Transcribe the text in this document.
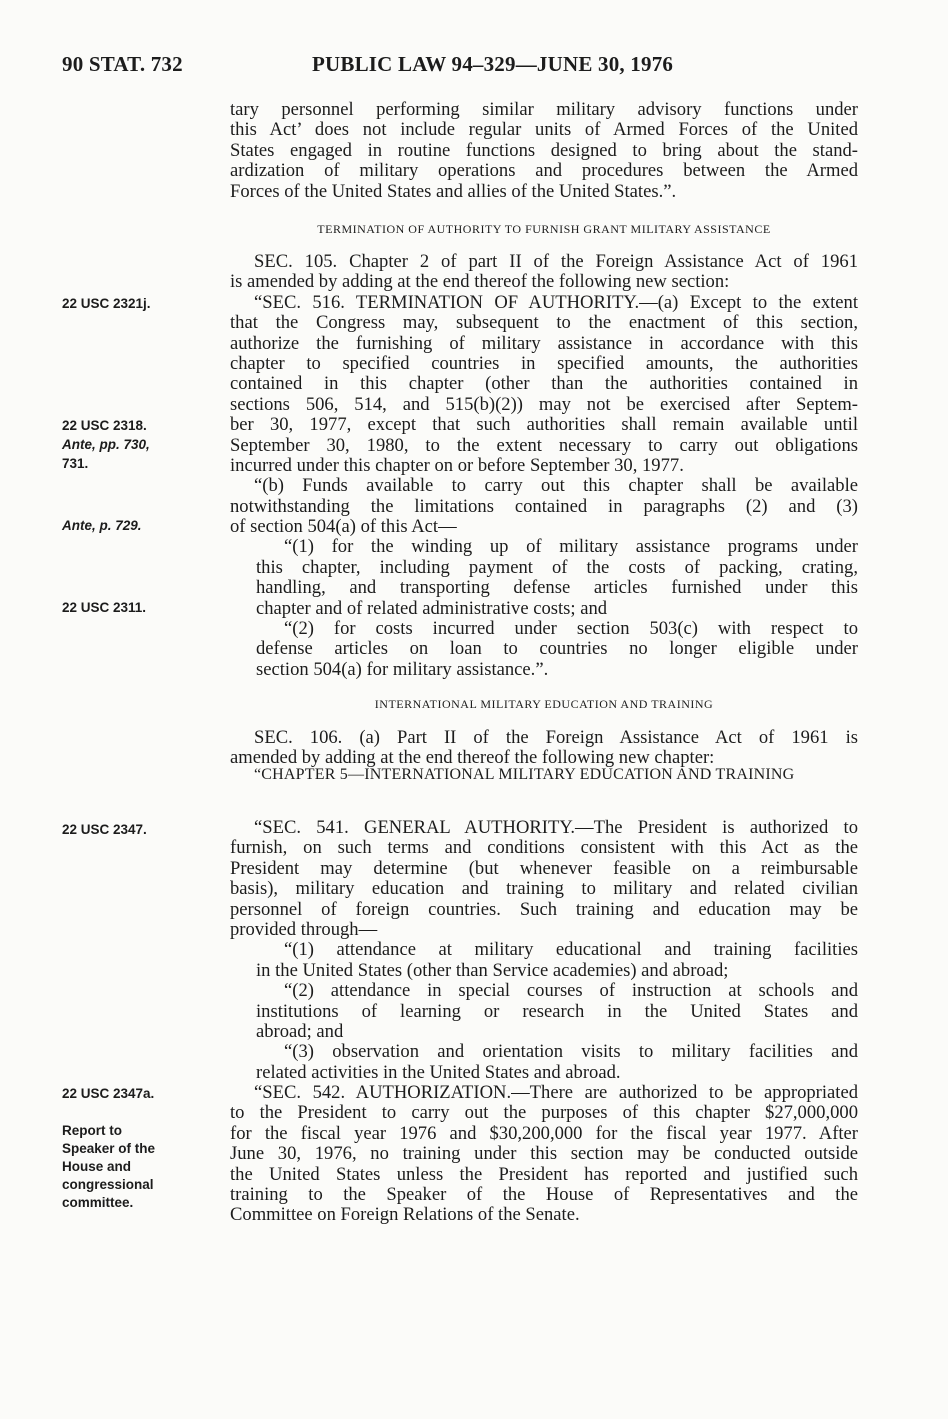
90 STAT. 732	PUBLIC LAW 94–329—JUNE 30, 1976
tary personnel performing similar military advisory functions under
this Act’ does not include regular units of Armed Forces of the United
States engaged in routine functions designed to bring about the stand-
ardization of military operations and procedures between the Armed
Forces of the United States and allies of the United States.”.
TERMINATION OF AUTHORITY TO FURNISH GRANT MILITARY ASSISTANCE
SEC. 105. Chapter 2 of part II of the Foreign Assistance Act of 1961
is amended by adding at the end thereof the following new section:
“SEC. 516. TERMINATION OF AUTHORITY.—(a) Except to the extent
that the Congress may, subsequent to the enactment of this section,
authorize the furnishing of military assistance in accordance with this
chapter to specified countries in specified amounts, the authorities
contained in this chapter (other than the authorities contained in
sections 506, 514, and 515(b)(2)) may not be exercised after Septem-
ber 30, 1977, except that such authorities shall remain available until
September 30, 1980, to the extent necessary to carry out obligations
incurred under this chapter on or before September 30, 1977.
“(b) Funds available to carry out this chapter shall be available
notwithstanding the limitations contained in paragraphs (2) and (3)
of section 504(a) of this Act—
“(1) for the winding up of military assistance programs under
this chapter, including payment of the costs of packing, crating,
handling, and transporting defense articles furnished under this
chapter and of related administrative costs; and
“(2) for costs incurred under section 503(c) with respect to
defense articles on loan to countries no longer eligible under
section 504(a) for military assistance.”.
INTERNATIONAL MILITARY EDUCATION AND TRAINING
SEC. 106. (a) Part II of the Foreign Assistance Act of 1961 is
amended by adding at the end thereof the following new chapter:
“CHAPTER 5—INTERNATIONAL MILITARY EDUCATION AND TRAINING
“SEC. 541. GENERAL AUTHORITY.—The President is authorized to
furnish, on such terms and conditions consistent with this Act as the
President may determine (but whenever feasible on a reimbursable
basis), military education and training to military and related civilian
personnel of foreign countries. Such training and education may be
provided through—
“(1) attendance at military educational and training facilities
in the United States (other than Service academies) and abroad;
“(2) attendance in special courses of instruction at schools and
institutions of learning or research in the United States and
abroad; and
“(3) observation and orientation visits to military facilities and
related activities in the United States and abroad.
“SEC. 542. AUTHORIZATION.—There are authorized to be appropriated
to the President to carry out the purposes of this chapter $27,000,000
for the fiscal year 1976 and $30,200,000 for the fiscal year 1977. After
June 30, 1976, no training under this section may be conducted outside
the United States unless the President has reported and justified such
training to the Speaker of the House of Representatives and the
Committee on Foreign Relations of the Senate.
22 USC 2321j.
22 USC 2318.
Ante, pp. 730,
731.
Ante, p. 729.
22 USC 2311.
22 USC 2347.
22 USC 2347a.
Report to
Speaker of the
House and
congressional
committee.
